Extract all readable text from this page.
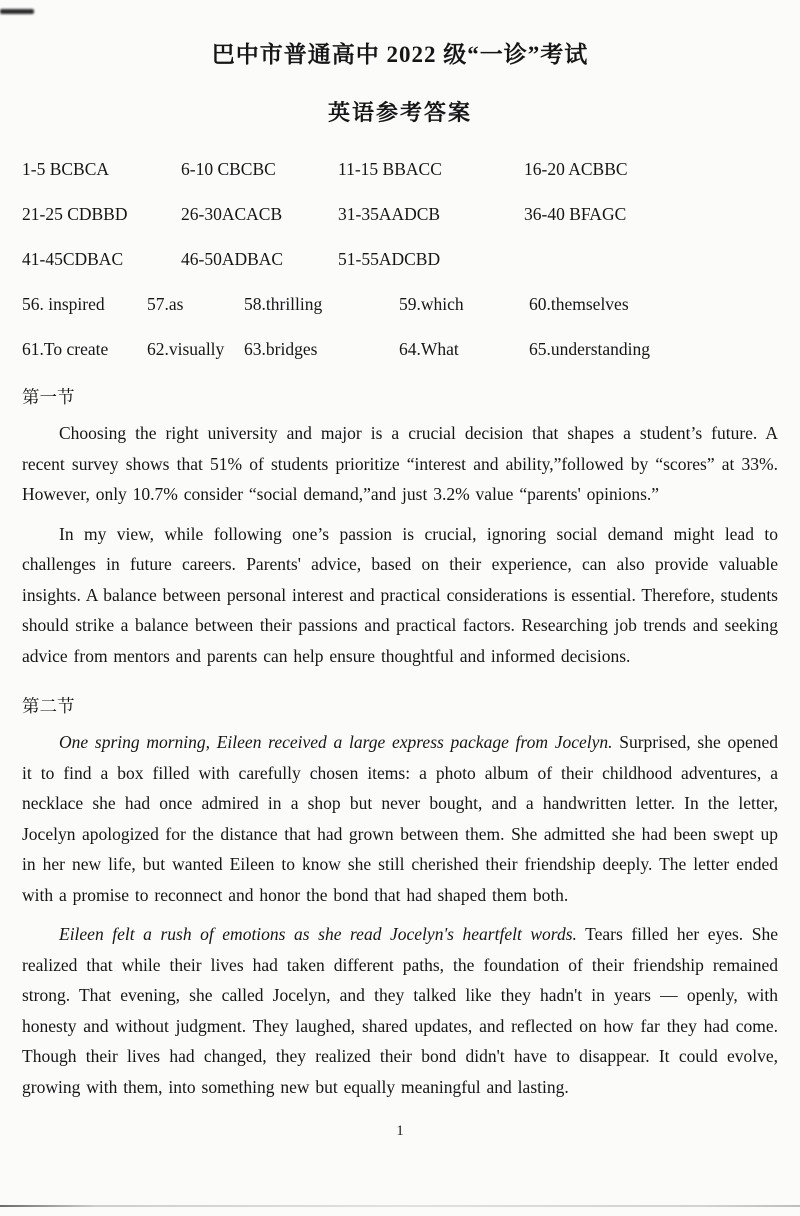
巴中市普通高中 2022 级“一诊”考试
英语参考答案
1-5 BCBCA	6-10 CBCBC	11-15 BBACC	16-20 ACBBC
21-25 CDBBD	26-30ACACB	31-35AADCB	36-40 BFAGC
41-45CDBAC	46-50ADBAC	51-55ADCBD
56. inspired	57.as	58.thrilling	59.which	60.themselves
61.To create	62.visually	63.bridges	64.What	65.understanding
第一节

Choosing the right university and major is a crucial decision that shapes a student’s future. A recent survey shows that 51% of students prioritize “interest and ability,”followed by “scores” at 33%. However, only 10.7% consider “social demand,”and just 3.2% value “parents' opinions.”

In my view, while following one’s passion is crucial, ignoring social demand might lead to challenges in future careers. Parents' advice, based on their experience, can also provide valuable insights. A balance between personal interest and practical considerations is essential. Therefore, students should strike a balance between their passions and practical factors. Researching job trends and seeking advice from mentors and parents can help ensure thoughtful and informed decisions.

第二节

One spring morning, Eileen received a large express package from Jocelyn. Surprised, she opened it to find a box filled with carefully chosen items: a photo album of their childhood adventures, a necklace she had once admired in a shop but never bought, and a handwritten letter. In the letter, Jocelyn apologized for the distance that had grown between them. She admitted she had been swept up in her new life, but wanted Eileen to know she still cherished their friendship deeply. The letter ended with a promise to reconnect and honor the bond that had shaped them both.

Eileen felt a rush of emotions as she read Jocelyn's heartfelt words. Tears filled her eyes. She realized that while their lives had taken different paths, the foundation of their friendship remained strong. That evening, she called Jocelyn, and they talked like they hadn't in years — openly, with honesty and without judgment. They laughed, shared updates, and reflected on how far they had come. Though their lives had changed, they realized their bond didn't have to disappear. It could evolve, growing with them, into something new but equally meaningful and lasting.

1
